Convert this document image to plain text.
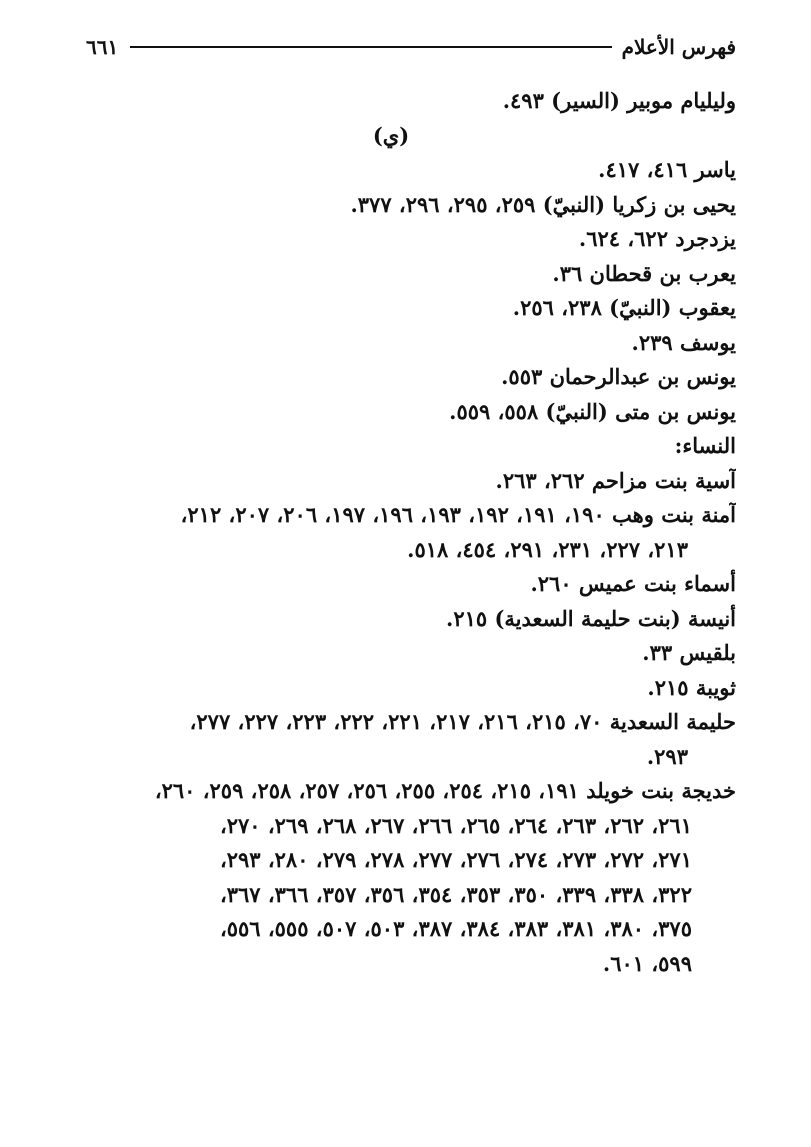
فهرس الأعلام
٦٦١
وليليام موبير (السير) ٤٩٣.
(ي)
ياسر ٤١٦، ٤١٧.
يحيى بن زكريا (النبيّ) ٢٥٩، ٢٩٥، ٢٩٦، ٣٧٧.
يزدجرد ٦٢٢، ٦٢٤.
يعرب بن قحطان ٣٦.
يعقوب (النبيّ) ٢٣٨، ٢٥٦.
يوسف ٢٣٩.
يونس بن عبدالرحمان ٥٥٣.
يونس بن متى (النبيّ) ٥٥٨، ٥٥٩.
النساء:
آسية بنت مزاحم ٢٦٢، ٢٦٣.
آمنة بنت وهب ١٩٠، ١٩١، ١٩٢، ١٩٣، ١٩٦، ١٩٧، ٢٠٦، ٢٠٧، ٢١٢،
٢١٣، ٢٢٧، ٢٣١، ٢٩١، ٤٥٤، ٥١٨.
أسماء بنت عميس ٢٦٠.
أنيسة (بنت حليمة السعدية) ٢١٥.
بلقيس ٣٣.
ثويبة ٢١٥.
حليمة السعدية ٧٠، ٢١٥، ٢١٦، ٢١٧، ٢٢١، ٢٢٢، ٢٢٣، ٢٢٧، ٢٧٧،
٢٩٣.
خديجة بنت خويلد ١٩١، ٢١٥، ٢٥٤، ٢٥٥، ٢٥٦، ٢٥٧، ٢٥٨، ٢٥٩، ٢٦٠،
٢٦١، ٢٦٢، ٢٦٣، ٢٦٤، ٢٦٥، ٢٦٦، ٢٦٧، ٢٦٨، ٢٦٩، ٢٧٠،
٢٧١، ٢٧٢، ٢٧٣، ٢٧٤، ٢٧٦، ٢٧٧، ٢٧٨، ٢٧٩، ٢٨٠، ٢٩٣،
٣٢٢، ٣٣٨، ٣٣٩، ٣٥٠، ٣٥٣، ٣٥٤، ٣٥٦، ٣٥٧، ٣٦٦، ٣٦٧،
٣٧٥، ٣٨٠، ٣٨١، ٣٨٣، ٣٨٤، ٣٨٧، ٥٠٣، ٥٠٧، ٥٥٥، ٥٥٦،
٥٩٩، ٦٠١.
